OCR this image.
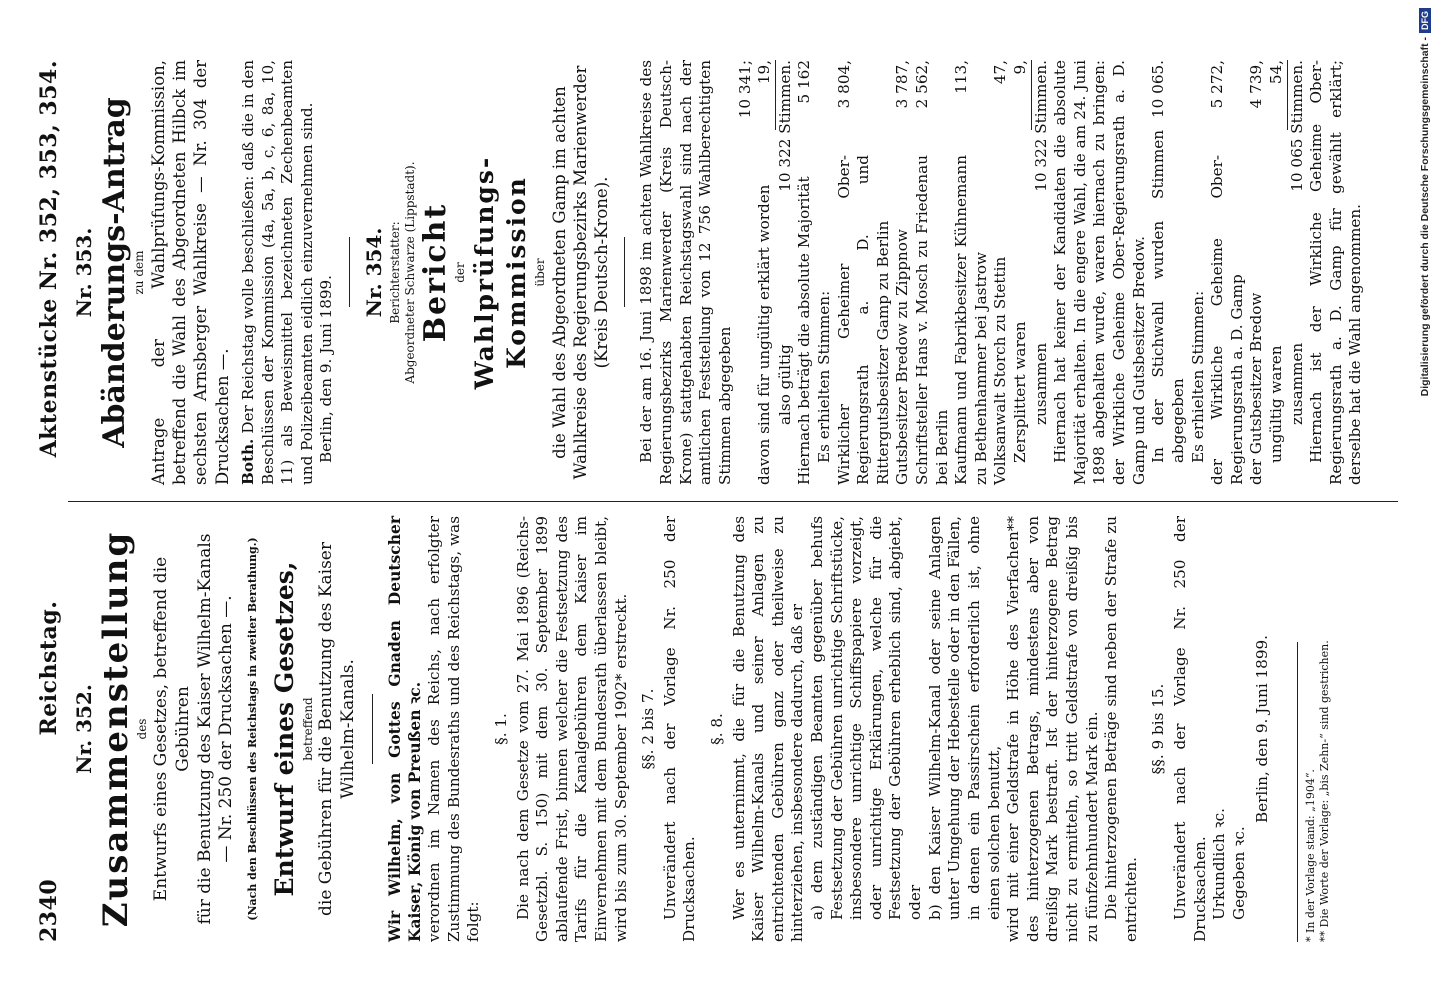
2340
Reichstag.
Aktenstücke Nr. 352, 353, 354.
Nr. 352. Zusammenstellung des Entwurfs eines Gesetzes, betreffend die Gebühren für die Benutzung des Kaiser Wilhelm-Kanals — Nr. 250 der Drucksachen —. (Nach den Beschlüssen des Reichstags in zweiter Berathung.) Entwurf eines Gesetzes, betreffend die Gebühren für die Benutzung des Kaiser Wilhelm-Kanals. Wir Wilhelm, von Gottes Gnaden Deutscher Kaiser, König von Preußen ꝛc. verordnen im Namen des Reichs, nach erfolgter Zustimmung des Bundesraths und des Reichstags, was folgt:

§. 1. Die nach dem Gesetze vom 27. Mai 1896 (Reichs-Gesetzbl. S. 150) mit dem 30. September 1899 ablaufende Frist, binnen welcher die Festsetzung des Tarifs für die Kanalgebühren dem Kaiser im Einvernehmen mit dem Bundesrath überlassen bleibt, wird bis zum 30. September 1902* erstreckt. §§. 2 bis 7. Unverändert nach der Vorlage Nr. 250 der Drucksachen.

§. 8. Wer es unternimmt, die für die Benutzung des Kaiser Wilhelm-Kanals und seiner Anlagen zu entrichtenden Gebühren ganz oder theilweise zu hinterziehen, insbesondere dadurch, daß er a) dem zuständigen Beamten gegenüber behufs Festsetzung der Gebühren unrichtige Schriftstücke, insbesondere unrichtige Schiffspapiere vorzeigt, oder unrichtige Erklärungen, welche für die Festsetzung der Gebühren erheblich sind, abgiebt, oder b) den Kaiser Wilhelm-Kanal oder seine Anlagen unter Umgehung der Hebestelle oder in den Fällen, in denen ein Passirschein erforderlich ist, ohne einen solchen benutzt, wird mit einer Geldstrafe in Höhe des Vierfachen** des hinterzogenen Betrags, mindestens aber von dreißig Mark bestraft. Ist der hinterzogene Betrag nicht zu ermitteln, so tritt Geldstrafe von dreißig bis zu fünfzehnhundert Mark ein. Die hinterzogenen Beträge sind neben der Strafe zu entrichten.

§§. 9 bis 15. Unverändert nach der Vorlage Nr. 250 der Drucksachen. Urkundlich ꝛc. Gegeben ꝛc.

Berlin, den 9. Juni 1899.

* In der Vorlage stand: „1904“. ** Die Worte der Vorlage: „bis Zehn-“ sind gestrichen.

Nr. 353. Abänderungs-Antrag zu dem Antrage der Wahlprüfungs-Kommission, betreffend die Wahl des Abgeordneten Hilbck im sechsten Arnsberger Wahlkreise — Nr. 304 der Drucksachen —. Both. Der Reichstag wolle beschließen: daß die in den Beschlüssen der Kommission (4a, 5a, b, c, 6, 8a, 10, 11) als Beweismittel bezeichneten Zechenbeamten und Polizeibeamten eidlich einzuvernehmen sind. Berlin, den 9. Juni 1899.

Nr. 354. Berichterstatter: Abgeordneter Schwarze (Lippstadt). Bericht der Wahlprüfungs-Kommission über die Wahl des Abgeordneten Gamp im achten Wahlkreise des Regierungsbezirks Marienwerder (Kreis Deutsch-Krone). Bei der am 16. Juni 1898 im achten Wahlkreise des Regierungsbezirks Marienwerder (Kreis Deutsch-Krone) stattgehabten Reichstagswahl sind nach der amtlichen Feststellung von 12 756 Wahlberechtigten Stimmen abgegeben

10 341;
davon sind für ungültig erklärt worden
19,
also gültig
10 322 Stimmen.
Hiernach beträgt die absolute Majorität
5 162

Es erhielten Stimmen: Wirklicher Geheimer Ober-Regierungsrath a. D. und Rittergutsbesitzer Gamp zu Berlin
3 804,
Gutsbesitzer Bredow zu Zippnow
3 787,
Schriftsteller Hans v. Mosch zu Friedenau bei Berlin
2 562,
Kaufmann und Fabrikbesitzer Kühnemann zu Bethenhammer bei Jastrow
113,
Volksanwalt Storch zu Stettin
47,
Zersplittert waren
9,
zusammen
10 322 Stimmen. Hiernach hat keiner der Kandidaten die absolute Majorität erhalten. In die engere Wahl, die am 24. Juni 1898 abgehalten wurde, waren hiernach zu bringen: der Wirkliche Geheime Ober-Regierungsrath a. D. Gamp und Gutsbesitzer Bredow. In der Stichwahl wurden Stimmen abgegeben
10 065.

Es erhielten Stimmen: der Wirkliche Geheime Ober-Regierungsrath a. D. Gamp
5 272,
der Gutsbesitzer Bredow
4 739,
ungültig waren
54,
zusammen
10 065 Stimmen. Hiernach ist der Wirkliche Geheime Ober-Regierungsrath a. D. Gamp für gewählt erklärt; derselbe hat die Wahl angenommen.	Digitalisierung gefördert durch die Deutsche Forschungsgemeinschaft -DFG
